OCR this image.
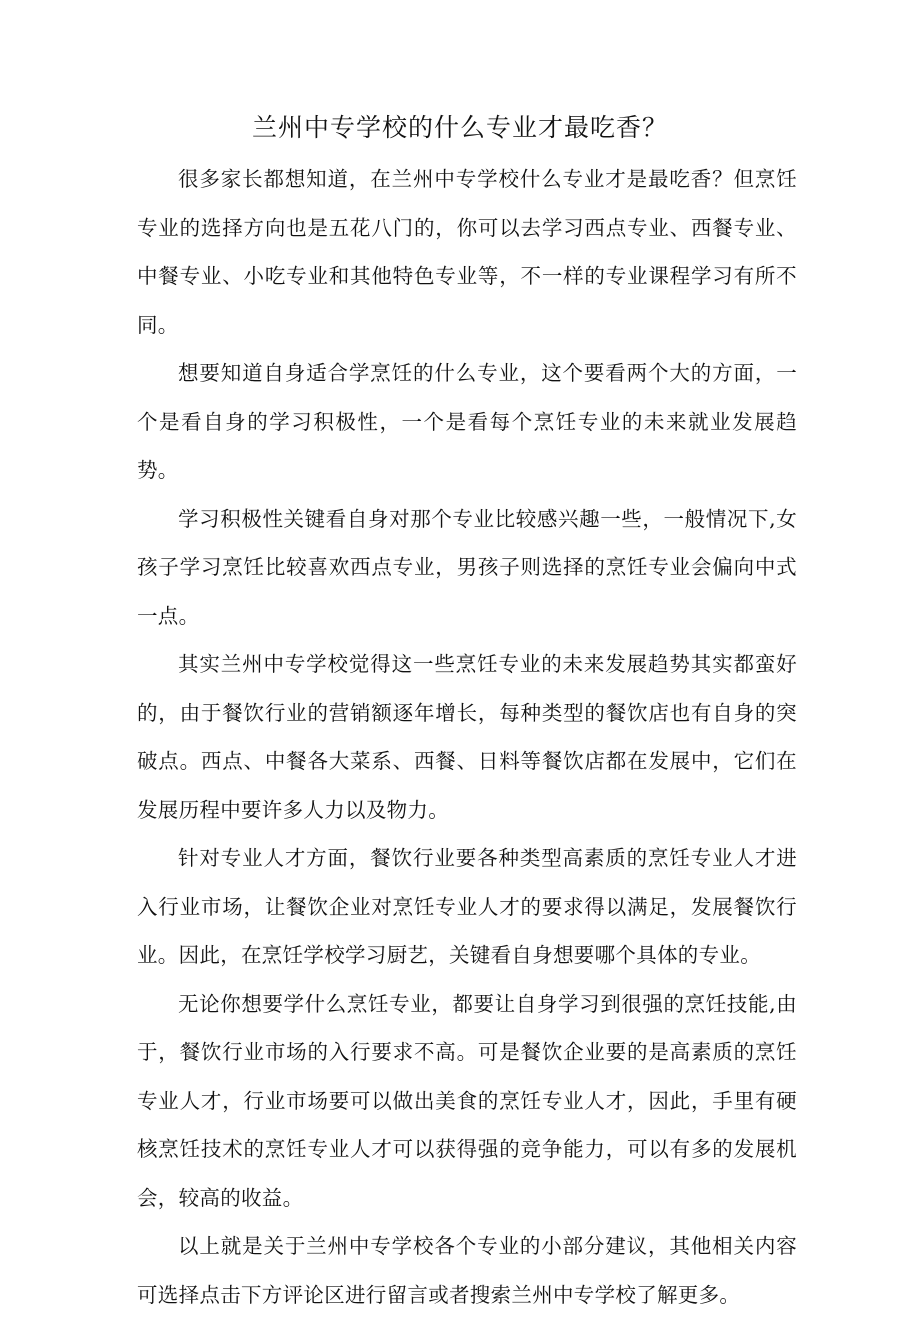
兰州中专学校的什么专业才最吃香？

很多家长都想知道，在兰州中专学校什么专业才是最吃香？但烹饪专业的选择方向也是五花八门的，你可以去学习西点专业、西餐专业、中餐专业、小吃专业和其他特色专业等，不一样的专业课程学习有所不同。

想要知道自身适合学烹饪的什么专业，这个要看两个大的方面，一个是看自身的学习积极性，一个是看每个烹饪专业的未来就业发展趋势。

学习积极性关键看自身对那个专业比较感兴趣一些，一般情况下,女孩子学习烹饪比较喜欢西点专业，男孩子则选择的烹饪专业会偏向中式一点。

其实兰州中专学校觉得这一些烹饪专业的未来发展趋势其实都蛮好的，由于餐饮行业的营销额逐年增长，每种类型的餐饮店也有自身的突破点。西点、中餐各大菜系、西餐、日料等餐饮店都在发展中，它们在发展历程中要许多人力以及物力。

针对专业人才方面，餐饮行业要各种类型高素质的烹饪专业人才进入行业市场，让餐饮企业对烹饪专业人才的要求得以满足，发展餐饮行业。因此，在烹饪学校学习厨艺，关键看自身想要哪个具体的专业。

无论你想要学什么烹饪专业，都要让自身学习到很强的烹饪技能,由于，餐饮行业市场的入行要求不高。可是餐饮企业要的是高素质的烹饪专业人才，行业市场要可以做出美食的烹饪专业人才，因此，手里有硬核烹饪技术的烹饪专业人才可以获得强的竞争能力，可以有多的发展机会，较高的收益。

以上就是关于兰州中专学校各个专业的小部分建议，其他相关内容可选择点击下方评论区进行留言或者搜索兰州中专学校了解更多。
